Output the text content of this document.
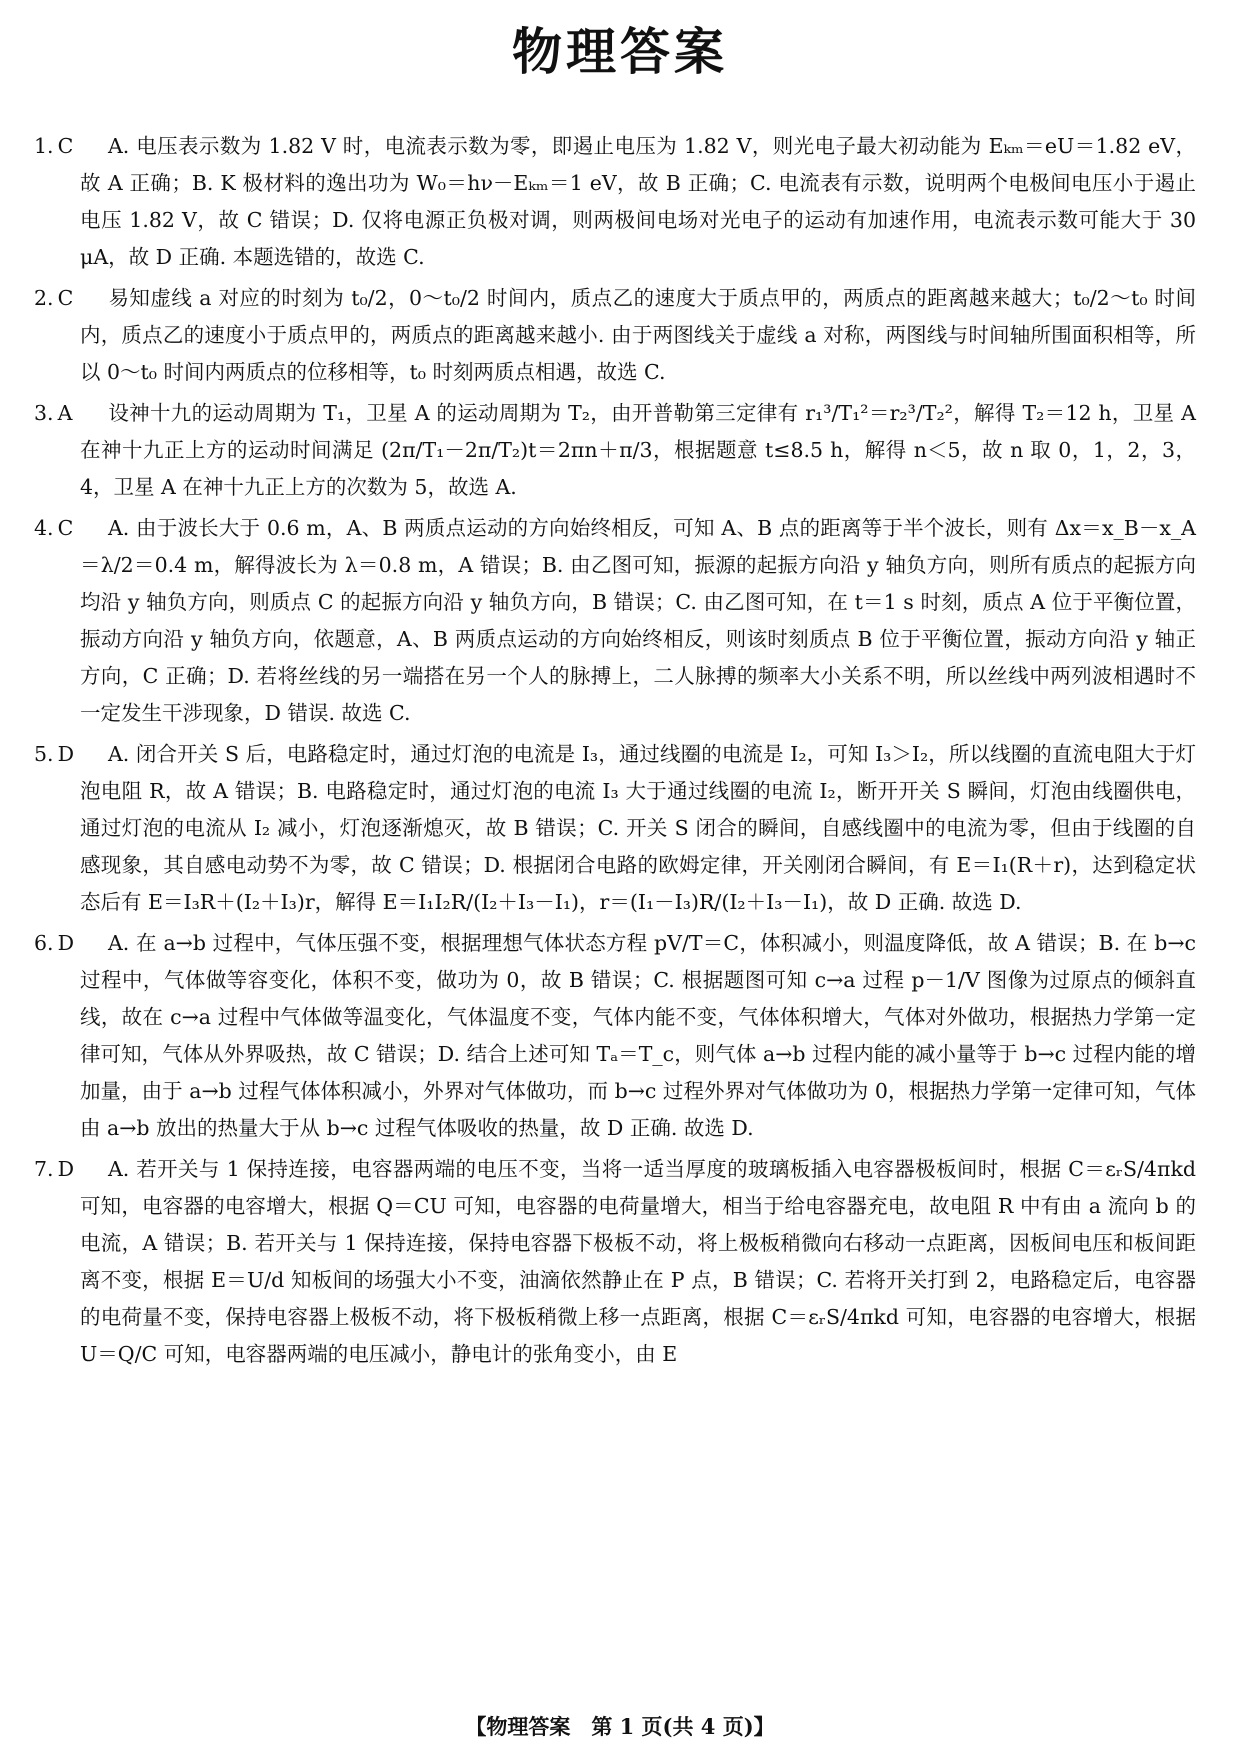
物理答案
1. C	A. 电压表示数为 1.82 V 时，电流表示数为零，即遏止电压为 1.82 V，则光电子最大初动能为 Eₖₘ＝eU＝1.82 eV，故 A 正确；B. K 极材料的逸出功为 W₀＝hν－Eₖₘ＝1 eV，故 B 正确；C. 电流表有示数，说明两个电极间电压小于遏止电压 1.82 V，故 C 错误；D. 仅将电源正负极对调，则两极间电场对光电子的运动有加速作用，电流表示数可能大于 30 μA，故 D 正确. 本题选错的，故选 C.

2. C	易知虚线 a 对应的时刻为 t₀/2，0～t₀/2 时间内，质点乙的速度大于质点甲的，两质点的距离越来越大；t₀/2～t₀ 时间内，质点乙的速度小于质点甲的，两质点的距离越来越小. 由于两图线关于虚线 a 对称，两图线与时间轴所围面积相等，所以 0～t₀ 时间内两质点的位移相等，t₀ 时刻两质点相遇，故选 C.

3. A	设神十九的运动周期为 T₁，卫星 A 的运动周期为 T₂，由开普勒第三定律有 r₁³/T₁²＝r₂³/T₂²，解得 T₂＝12 h，卫星 A 在神十九正上方的运动时间满足 (2π/T₁－2π/T₂)t＝2πn＋π/3，根据题意 t≤8.5 h，解得 n＜5，故 n 取 0，1，2，3，4，卫星 A 在神十九正上方的次数为 5，故选 A.

4. C	A. 由于波长大于 0.6 m，A、B 两质点运动的方向始终相反，可知 A、B 点的距离等于半个波长，则有 Δx＝x_B－x_A＝λ/2＝0.4 m，解得波长为 λ＝0.8 m，A 错误；B. 由乙图可知，振源的起振方向沿 y 轴负方向，则所有质点的起振方向均沿 y 轴负方向，则质点 C 的起振方向沿 y 轴负方向，B 错误；C. 由乙图可知，在 t＝1 s 时刻，质点 A 位于平衡位置，振动方向沿 y 轴负方向，依题意，A、B 两质点运动的方向始终相反，则该时刻质点 B 位于平衡位置，振动方向沿 y 轴正方向，C 正确；D. 若将丝线的另一端搭在另一个人的脉搏上，二人脉搏的频率大小关系不明，所以丝线中两列波相遇时不一定发生干涉现象，D 错误. 故选 C.

5. D	A. 闭合开关 S 后，电路稳定时，通过灯泡的电流是 I₃，通过线圈的电流是 I₂，可知 I₃＞I₂，所以线圈的直流电阻大于灯泡电阻 R，故 A 错误；B. 电路稳定时，通过灯泡的电流 I₃ 大于通过线圈的电流 I₂，断开开关 S 瞬间，灯泡由线圈供电，通过灯泡的电流从 I₂ 减小，灯泡逐渐熄灭，故 B 错误；C. 开关 S 闭合的瞬间，自感线圈中的电流为零，但由于线圈的自感现象，其自感电动势不为零，故 C 错误；D. 根据闭合电路的欧姆定律，开关刚闭合瞬间，有 E＝I₁(R＋r)，达到稳定状态后有 E＝I₃R＋(I₂＋I₃)r，解得 E＝I₁I₂R/(I₂＋I₃－I₁)，r＝(I₁－I₃)R/(I₂＋I₃－I₁)，故 D 正确. 故选 D.

6. D	A. 在 a→b 过程中，气体压强不变，根据理想气体状态方程 pV/T＝C，体积减小，则温度降低，故 A 错误；B. 在 b→c 过程中，气体做等容变化，体积不变，做功为 0，故 B 错误；C. 根据题图可知 c→a 过程 p－1/V 图像为过原点的倾斜直线，故在 c→a 过程中气体做等温变化，气体温度不变，气体内能不变，气体体积增大，气体对外做功，根据热力学第一定律可知，气体从外界吸热，故 C 错误；D. 结合上述可知 Tₐ＝T_c，则气体 a→b 过程内能的减小量等于 b→c 过程内能的增加量，由于 a→b 过程气体体积减小，外界对气体做功，而 b→c 过程外界对气体做功为 0，根据热力学第一定律可知，气体由 a→b 放出的热量大于从 b→c 过程气体吸收的热量，故 D 正确. 故选 D.

7. D	A. 若开关与 1 保持连接，电容器两端的电压不变，当将一适当厚度的玻璃板插入电容器极板间时，根据 C＝εᵣS/4πkd 可知，电容器的电容增大，根据 Q＝CU 可知，电容器的电荷量增大，相当于给电容器充电，故电阻 R 中有由 a 流向 b 的电流，A 错误；B. 若开关与 1 保持连接，保持电容器下极板不动，将上极板稍微向右移动一点距离，因板间电压和板间距离不变，根据 E＝U/d 知板间的场强大小不变，油滴依然静止在 P 点，B 错误；C. 若将开关打到 2，电路稳定后，电容器的电荷量不变，保持电容器上极板不动，将下极板稍微上移一点距离，根据 C＝εᵣS/4πkd 可知，电容器的电容增大，根据 U＝Q/C 可知，电容器两端的电压减小，静电计的张角变小，由 E

【物理答案　第 1 页(共 4 页)】
